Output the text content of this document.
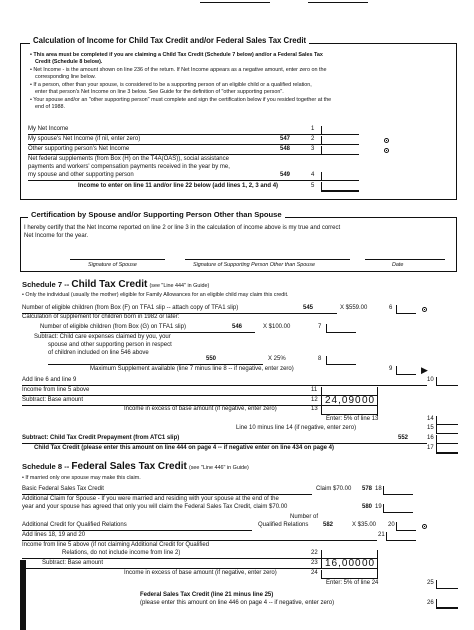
Calculation of Income for Child Tax Credit and/or Federal Sales Tax Credit
• This area must be completed if you are claiming a Child Tax Credit (Schedule 7 below) and/or a Federal Sales Tax
Credit (Schedule 8 below).
• Net Income - is the amount shown on line 236 of the return. If Net Income appears as a negative amount, enter zero on the
corresponding line below.
• If a person, other than your spouse, is considered to be a supporting person of an eligible child or a qualified relation,
enter that person's Net Income on line 3 below. See Guide for the definition of "other supporting person".
• Your spouse and/or an "other supporting person" must complete and sign the certification below if you resided together at the
end of 1988.
My Net Income	1
My spouse's Net Income (if nil, enter zero)	547	2
Other supporting person's Net Income	548	3
Net federal supplements (from Box (H) on the T4A(OAS)), social assistance
payments and workers' compensation payments received in the year by me,
my spouse and other supporting person	549	4
Income to enter on line 11 and/or line 22 below (add lines 1, 2, 3 and 4)	5
Certification by Spouse and/or Supporting Person Other than Spouse
I hereby certify that the Net Income reported on line 2 or line 3 in the calculation of income above is my true and correct
Net Income for the year.
Signature of Spouse	Signature of Supporting Person Other than Spouse	Date
Schedule 7 -- Child Tax Credit (see "Line 444" in Guide)
• Only the individual (usually the mother) eligible for Family Allowances for an eligible child may claim this credit.
Number of eligible children (from Box (F) on TFA1 slip -- attach copy of TFA1 slip)	545	X $559.00	6
Calculation of supplement for children born in 1982 or later:
Number of eligible children (from Box (G) on TFA1 slip)	546	X $100.00	7
Subtract: Child care expenses claimed by you, your
spouse and other supporting person in respect
of children included on line 546 above
550	X 25%	8
Maximum Supplement available (line 7 minus line 8 -- if negative, enter zero)	9	▶
Add line 6 and line 9	10
Income from line 5 above	11
Subtract: Base amount	12 24,090 00
Income in excess of base amount (if negative, enter zero)	13
Enter: 5% of line 13	14
Line 10 minus line 14 (if negative, enter zero)	15
Subtract: Child Tax Credit Prepayment (from ATC1 slip)	552	16
Child Tax Credit (please enter this amount on line 444 on page 4 -- if negative enter on line 434 on page 4)	17
Schedule 8 -- Federal Sales Tax Credit (see "Line 446" in Guide)
• If married only one spouse may make this claim.
Basic Federal Sales Tax Credit	Claim $70.00 578 18
Additional Claim for Spouse - If you were married and residing with your spouse at the end of the
year and your spouse has agreed that only you will claim the Federal Sales Tax Credit, claim $70.00	580 19
Number of
Additional Credit for Qualified Relations	Qualified Relations 582	X $35.00 20
Add lines 18, 19 and 20	21
Income from line 5 above (if not claiming Additional Credit for Qualified
Relations, do not include income from line 2)	22
Subtract: Base amount	23 16,000 00
Income in excess of base amount (if negative, enter zero)	24
Enter: 5% of line 24	25
Federal Sales Tax Credit (line 21 minus line 25)
(please enter this amount on line 446 on page 4 -- if negative, enter zero)	26
